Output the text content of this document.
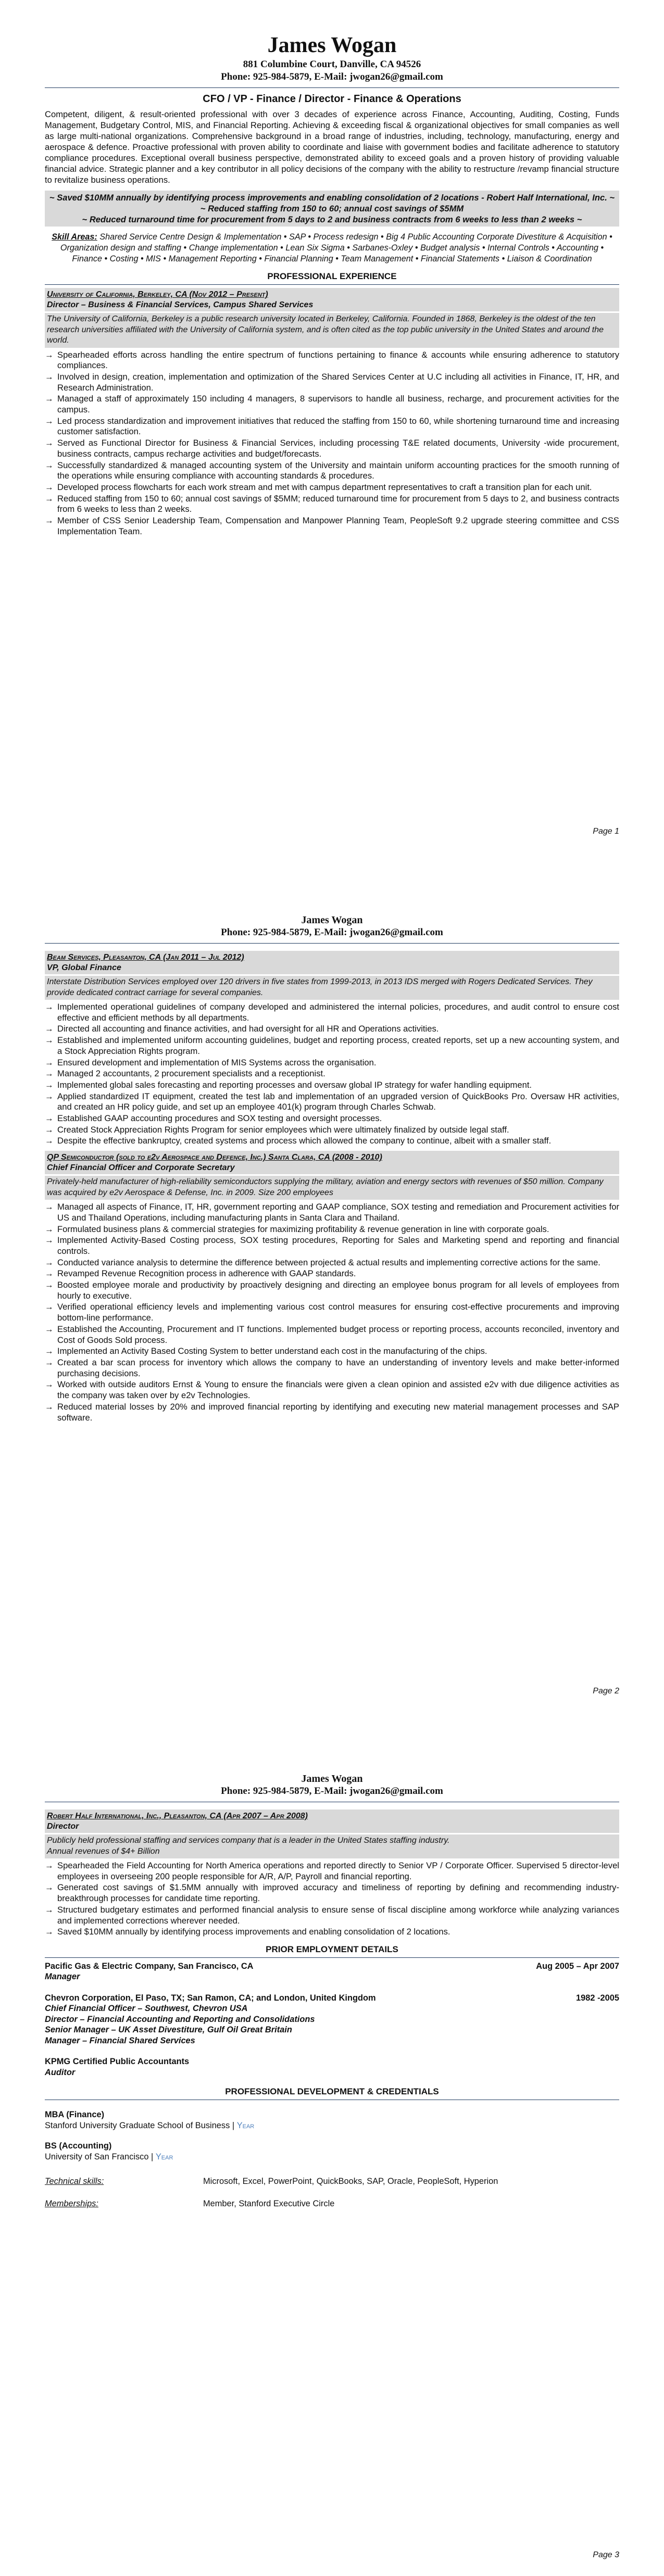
James Wogan
881 Columbine Court, Danville, CA 94526
Phone: 925-984-5879, E-Mail: jwogan26@gmail.com
CFO / VP - Finance / Director - Finance & Operations
Competent, diligent, & result-oriented professional with over 3 decades of experience across Finance, Accounting, Auditing, Costing, Funds Management, Budgetary Control, MIS, and Financial Reporting. Achieving & exceeding fiscal & organizational objectives for small companies as well as large multi-national organizations. Comprehensive background in a broad range of industries, including, technology, manufacturing, energy and aerospace & defence. Proactive professional with proven ability to coordinate and liaise with government bodies and facilitate adherence to statutory compliance procedures. Exceptional overall business perspective, demonstrated ability to exceed goals and a proven history of providing valuable financial advice. Strategic planner and a key contributor in all policy decisions of the company with the ability to restructure /revamp financial structure to revitalize business operations.
~ Saved $10MM annually by identifying process improvements and enabling consolidation of 2 locations - Robert Half International, Inc. ~
~ Reduced staffing from 150 to 60; annual cost savings of $5MM
~ Reduced turnaround time for procurement from 5 days to 2 and business contracts from 6 weeks to less than 2 weeks ~
Skill Areas: Shared Service Centre Design & Implementation • SAP • Process redesign • Big 4 Public Accounting Corporate Divestiture & Acquisition • Organization design and staffing • Change implementation • Lean Six Sigma • Sarbanes-Oxley • Budget analysis • Internal Controls • Accounting • Finance • Costing • MIS • Management Reporting • Financial Planning • Team Management • Financial Statements • Liaison & Coordination
PROFESSIONAL EXPERIENCE
University of California, Berkeley, CA (Nov 2012 – Present)
Director – Business & Financial Services, Campus Shared Services
The University of California, Berkeley is a public research university located in Berkeley, California. Founded in 1868, Berkeley is the oldest of the ten research universities affiliated with the University of California system, and is often cited as the top public university in the United States and around the world.
→ Spearheaded efforts across handling the entire spectrum of functions pertaining to finance & accounts while ensuring adherence to statutory compliances.
→ Involved in design, creation, implementation and optimization of the Shared Services Center at U.C including all activities in Finance, IT, HR, and Research Administration.
→ Managed a staff of approximately 150 including 4 managers, 8 supervisors to handle all business, recharge, and procurement activities for the campus.
→ Led process standardization and improvement initiatives that reduced the staffing from 150 to 60, while shortening turnaround time and increasing customer satisfaction.
→ Served as Functional Director for Business & Financial Services, including processing T&E related documents, University -wide procurement, business contracts, campus recharge activities and budget/forecasts.
→ Successfully standardized & managed accounting system of the University and maintain uniform accounting practices for the smooth running of the operations while ensuring compliance with accounting standards & procedures.
→ Developed process flowcharts for each work stream and met with campus department representatives to craft a transition plan for each unit.
→ Reduced staffing from 150 to 60; annual cost savings of $5MM; reduced turnaround time for procurement from 5 days to 2, and business contracts from 6 weeks to less than 2 weeks.
→ Member of CSS Senior Leadership Team, Compensation and Manpower Planning Team, PeopleSoft 9.2 upgrade steering committee and CSS Implementation Team.
Page 1
James Wogan
Phone: 925-984-5879, E-Mail: jwogan26@gmail.com
Beam Services, Pleasanton, CA (Jan 2011 – Jul 2012)
VP, Global Finance
Interstate Distribution Services employed over 120 drivers in five states from 1999-2013, in 2013 IDS merged with Rogers Dedicated Services. They provide dedicated contract carriage for several companies.
→ Implemented operational guidelines of company developed and administered the internal policies, procedures, and audit control to ensure cost effective and efficient methods by all departments.
→ Directed all accounting and finance activities, and had oversight for all HR and Operations activities.
→ Established and implemented uniform accounting guidelines, budget and reporting process, created reports, set up a new accounting system, and a Stock Appreciation Rights program.
→ Ensured development and implementation of MIS Systems across the organisation.
→ Managed 2 accountants, 2 procurement specialists and a receptionist.
→ Implemented global sales forecasting and reporting processes and oversaw global IP strategy for wafer handling equipment.
→ Applied standardized IT equipment, created the test lab and implementation of an upgraded version of QuickBooks Pro. Oversaw HR activities, and created an HR policy guide, and set up an employee 401(k) program through Charles Schwab.
→ Established GAAP accounting procedures and SOX testing and oversight processes.
→ Created Stock Appreciation Rights Program for senior employees which were ultimately finalized by outside legal staff.
→ Despite the effective bankruptcy, created systems and process which allowed the company to continue, albeit with a smaller staff.
QP Semiconductor (sold to e2v Aerospace and Defence, Inc.) Santa Clara, CA (2008 - 2010)
Chief Financial Officer and Corporate Secretary
Privately-held manufacturer of high-reliability semiconductors supplying the military, aviation and energy sectors with revenues of $50 million. Company was acquired by e2v Aerospace & Defense, Inc. in 2009. Size 200 employees
→ Managed all aspects of Finance, IT, HR, government reporting and GAAP compliance, SOX testing and remediation and Procurement activities for US and Thailand Operations, including manufacturing plants in Santa Clara and Thailand.
→ Formulated business plans & commercial strategies for maximizing profitability & revenue generation in line with corporate goals.
→ Implemented Activity-Based Costing process, SOX testing procedures, Reporting for Sales and Marketing spend and reporting and financial controls.
→ Conducted variance analysis to determine the difference between projected & actual results and implementing corrective actions for the same.
→ Revamped Revenue Recognition process in adherence with GAAP standards.
→ Boosted employee morale and productivity by proactively designing and directing an employee bonus program for all levels of employees from hourly to executive.
→ Verified operational efficiency levels and implementing various cost control measures for ensuring cost-effective procurements and improving bottom-line performance.
→ Established the Accounting, Procurement and IT functions. Implemented budget process or reporting process, accounts reconciled, inventory and Cost of Goods Sold process.
→ Implemented an Activity Based Costing System to better understand each cost in the manufacturing of the chips.
→ Created a bar scan process for inventory which allows the company to have an understanding of inventory levels and make better-informed purchasing decisions.
→ Worked with outside auditors Ernst & Young to ensure the financials were given a clean opinion and assisted e2v with due diligence activities as the company was taken over by e2v Technologies.
→ Reduced material losses by 20% and improved financial reporting by identifying and executing new material management processes and SAP software.
Page 2
James Wogan
Phone: 925-984-5879, E-Mail: jwogan26@gmail.com
Robert Half International, Inc., Pleasanton, CA (Apr 2007 – Apr 2008)
Director
Publicly held professional staffing and services company that is a leader in the United States staffing industry.
Annual revenues of $4+ Billion
→ Spearheaded the Field Accounting for North America operations and reported directly to Senior VP / Corporate Officer. Supervised 5 director-level employees in overseeing 200 people responsible for A/R, A/P, Payroll and financial reporting.
→ Generated cost savings of $1.5MM annually with improved accuracy and timeliness of reporting by defining and recommending industry-breakthrough processes for candidate time reporting.
→ Structured budgetary estimates and performed financial analysis to ensure sense of fiscal discipline among workforce while analyzing variances and implemented corrections wherever needed.
→ Saved $10MM annually by identifying process improvements and enabling consolidation of 2 locations.
PRIOR EMPLOYMENT DETAILS
Pacific Gas & Electric Company, San Francisco, CA	Aug 2005 – Apr 2007
Manager
Chevron Corporation, El Paso, TX; San Ramon, CA; and London, United Kingdom	1982 -2005
Chief Financial Officer – Southwest, Chevron USA
Director – Financial Accounting and Reporting and Consolidations
Senior Manager – UK Asset Divestiture, Gulf Oil Great Britain
Manager – Financial Shared Services
KPMG Certified Public Accountants
Auditor
PROFESSIONAL DEVELOPMENT & CREDENTIALS
MBA (Finance)
Stanford University Graduate School of Business | Year
BS (Accounting)
University of San Francisco | Year
Technical skills:	Microsoft, Excel, PowerPoint, QuickBooks, SAP, Oracle, PeopleSoft, Hyperion
Memberships:	Member, Stanford Executive Circle
Page 3
